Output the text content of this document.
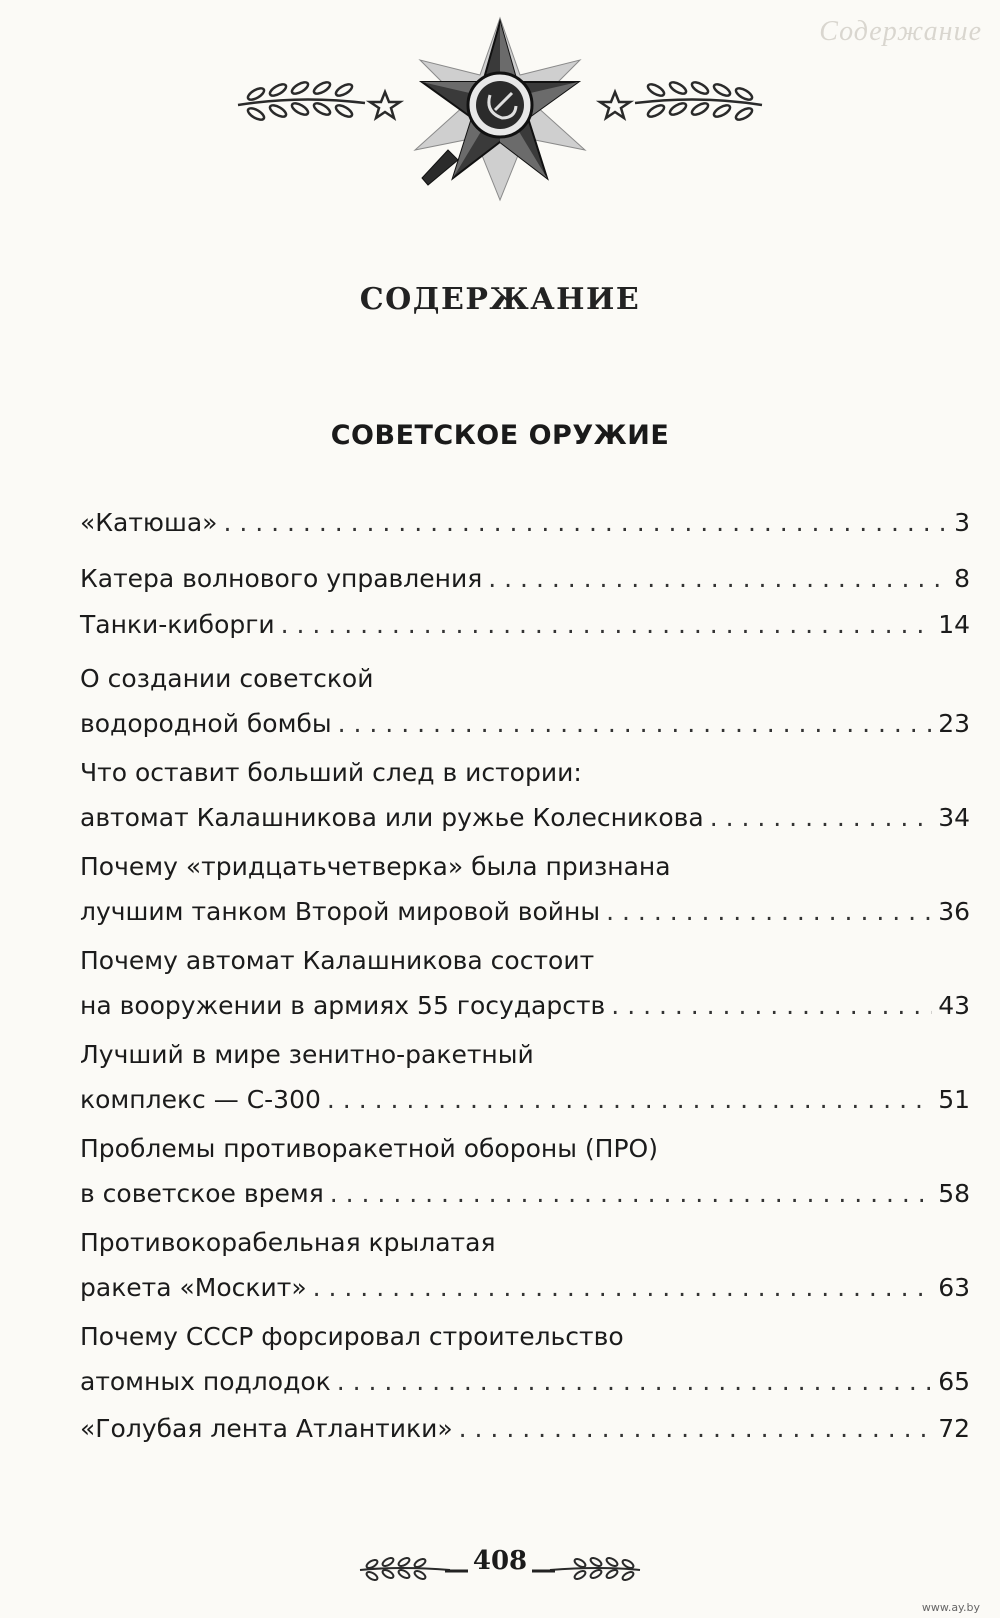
Содержание
СОДЕРЖАНИЕ
СОВЕТСКОЕ ОРУЖИЕ
«Катюша» . . .	3
Катера волнового управления . . .	8
Танки-киборги . . .	14
О создании советской
водородной бомбы . . .	23
Что оставит больший след в истории:
автомат Калашникова или ружье Колесникова . . .	34
Почему «тридцатьчетверка» была признана
лучшим танком Второй мировой войны . . .	36
Почему автомат Калашникова состоит
на вооружении в армиях 55 государств . . .	43
Лучший в мире зенитно-ракетный
комплекс — С-300 . . .	51
Проблемы противоракетной обороны (ПРО)
в советское время . . .	58
Противокорабельная крылатая
ракета «Москит» . . .	63
Почему СССР форсировал строительство
атомных подлодок . . .	65
«Голубая лента Атлантики» . . .	72
408
www.ay.by
